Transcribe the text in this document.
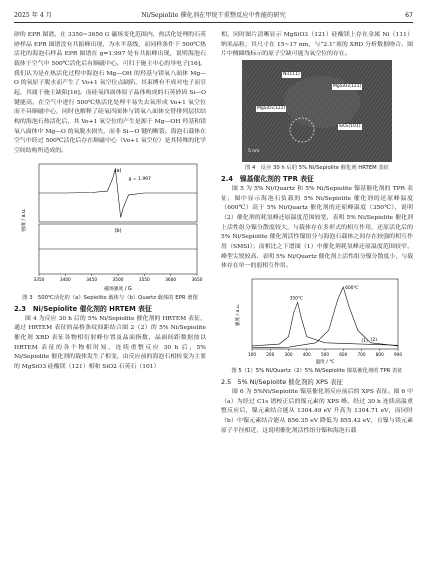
2025 年 4 月	Ni/Sepiolite 催化剂在甲烷干重整反应中性能的研究	67

砂的 EPR 图谱。在 3350~3650 G 磁场变化范围内，热活化处理的石英砂样品 EPR 图谱没有共振峰出现，为水平基线，而同样条件下 500℃热活化的海泡石样品 EPR 图谱在 g=1.997 处有共振峰出现，说明海泡石载体于空气中 500℃活化后有顺磁中心，可归于施主中心的导电子[16]。我们认为是在热活化过程中海泡石 Mg—OH 的羟基与镁氧八面体 Mg—O 的氧原子脱水而产生了 Vo+1 氧空位点缺陷，其束缚有不成对电子而引起，其属于施主缺陷[16]。而硅氧四面体原子晶体构成的石英砂因 Si—O 键能高，在空气中进行 500℃热活化处理不易失去氧形成 Vo+1 氧空位而不具顺磁中心，同时也解释了硅氧四面体与镁氧八面体交替排列层状结构的海泡石热活化后，其 Vo+1 氧空位的产生是源于 Mg—OH 羟基和镁氧八面体中 Mg—O 的氧脱水损失，而非 Si—O 键的断裂。海泡石载体在空气中经过 500℃活化后存在顺磁中心（Vo+1 氧空位）是其特殊的化学空间结构所造成的。

(a)
(b)
g = 1.997
3350	3400	3450	3500	3550	3600	3650
磁场强度 / G
强度 / a.u.

图 3　500℃活化的（a）Sepiolite 载体与（b）Quartz 载体的 EPR 谱图

2.3　Ni/Sepiolite 催化剂的 HRTEM 表征

图 4 为反应 30 h 后的 5% Ni/Sepiolite 催化剂的 HRTEM 表征，通过 HRTEM 表征的晶格条纹间距结合图 2（2）的 5% Ni/Sepiolite 催化剂 XRD 表征各物相衍射峰位置及晶面指数，晶面间距数据按以 HRTEM 表征的各个物相时知，连续重整反应 30 h 后，5% Ni/Sepiolite 催化剂的载体发生了相变，由反应前的海泡石相转变为主要的 MgSiO3 硅酸镁（121）相和 SiO2 石英石（101）

相，同时图片清晰显示 MgSiO3（121）硅酸镁上存在金属 Ni（111）纳米晶粒，其尺寸在 15~17 nm，与“2.1”项的 XRD 分析数据吻合。图片中侧圈线标示的原子空缺可能为氧空位的存在。

Ni(111)
MgSiO₃(121)
MgSiO₃(121)
SiO₂(101)
5 nm

图 4　反应 30 h 后的 5% Ni/Sepiolite 催化剂 HRTEM 表征

2.4　镍基催化剂的 TPR 表征

图 5 为 5% Ni/Quartz 和 5% Ni/Sepiolite 镍基催化剂的 TPR 表征，图中显示海泡石负载的 5% Ni/Sepiolite 催化剂的还原峰温度（600℃）高于 5% Ni/Quartz 催化剂的还原峰温度（350℃），说明（2）催化剂的耗氢峰还原温度范围较宽，表明 5% Ni/Sepiolite 催化剂上活性组分镍分散度较大，与载体存在多形式的相互作用，还原活化后的 5% Ni/Sepiolite 催化剂活性镍组分与海泡石载体之间存在较强的相互作用（SMSI）；而相比之下谱图（1）中催化剂耗氢峰还原温度范围较窄，峰型尖锐较高，表明 5% Ni/Quartz 催化剂上活性组分镍分散度小，与载体存在单一的弱相互作用。

(1) (2)
350℃
600℃
100 200 300 400 500 600 700 800 900
温度 / ℃
强度 / a.u.

图 5（1）5% Ni/Quartz（2）5% Ni/Sepiolite 镍基催化剂的 TPR 表征

2.5　5% Ni/Sepiolite 催化剂的 XPS 表征

图 6 为 5%Ni/Sepiolite 镍基催化剂反应前后的 XPS 表征。图 6 中（a）为经过 C1s 谱校正后的镍元素的 XPS 峰。经过 30 h 连续高温重整反应后，镍元素结合能从 1304.49 eV 升高为 1304.71 eV，而同时（b）中镍元素结合能从 856.35 eV 降低为 855.42 eV，且镍与镁元素原子半径相近，这说明催化剂活性组分镍和海泡石载
